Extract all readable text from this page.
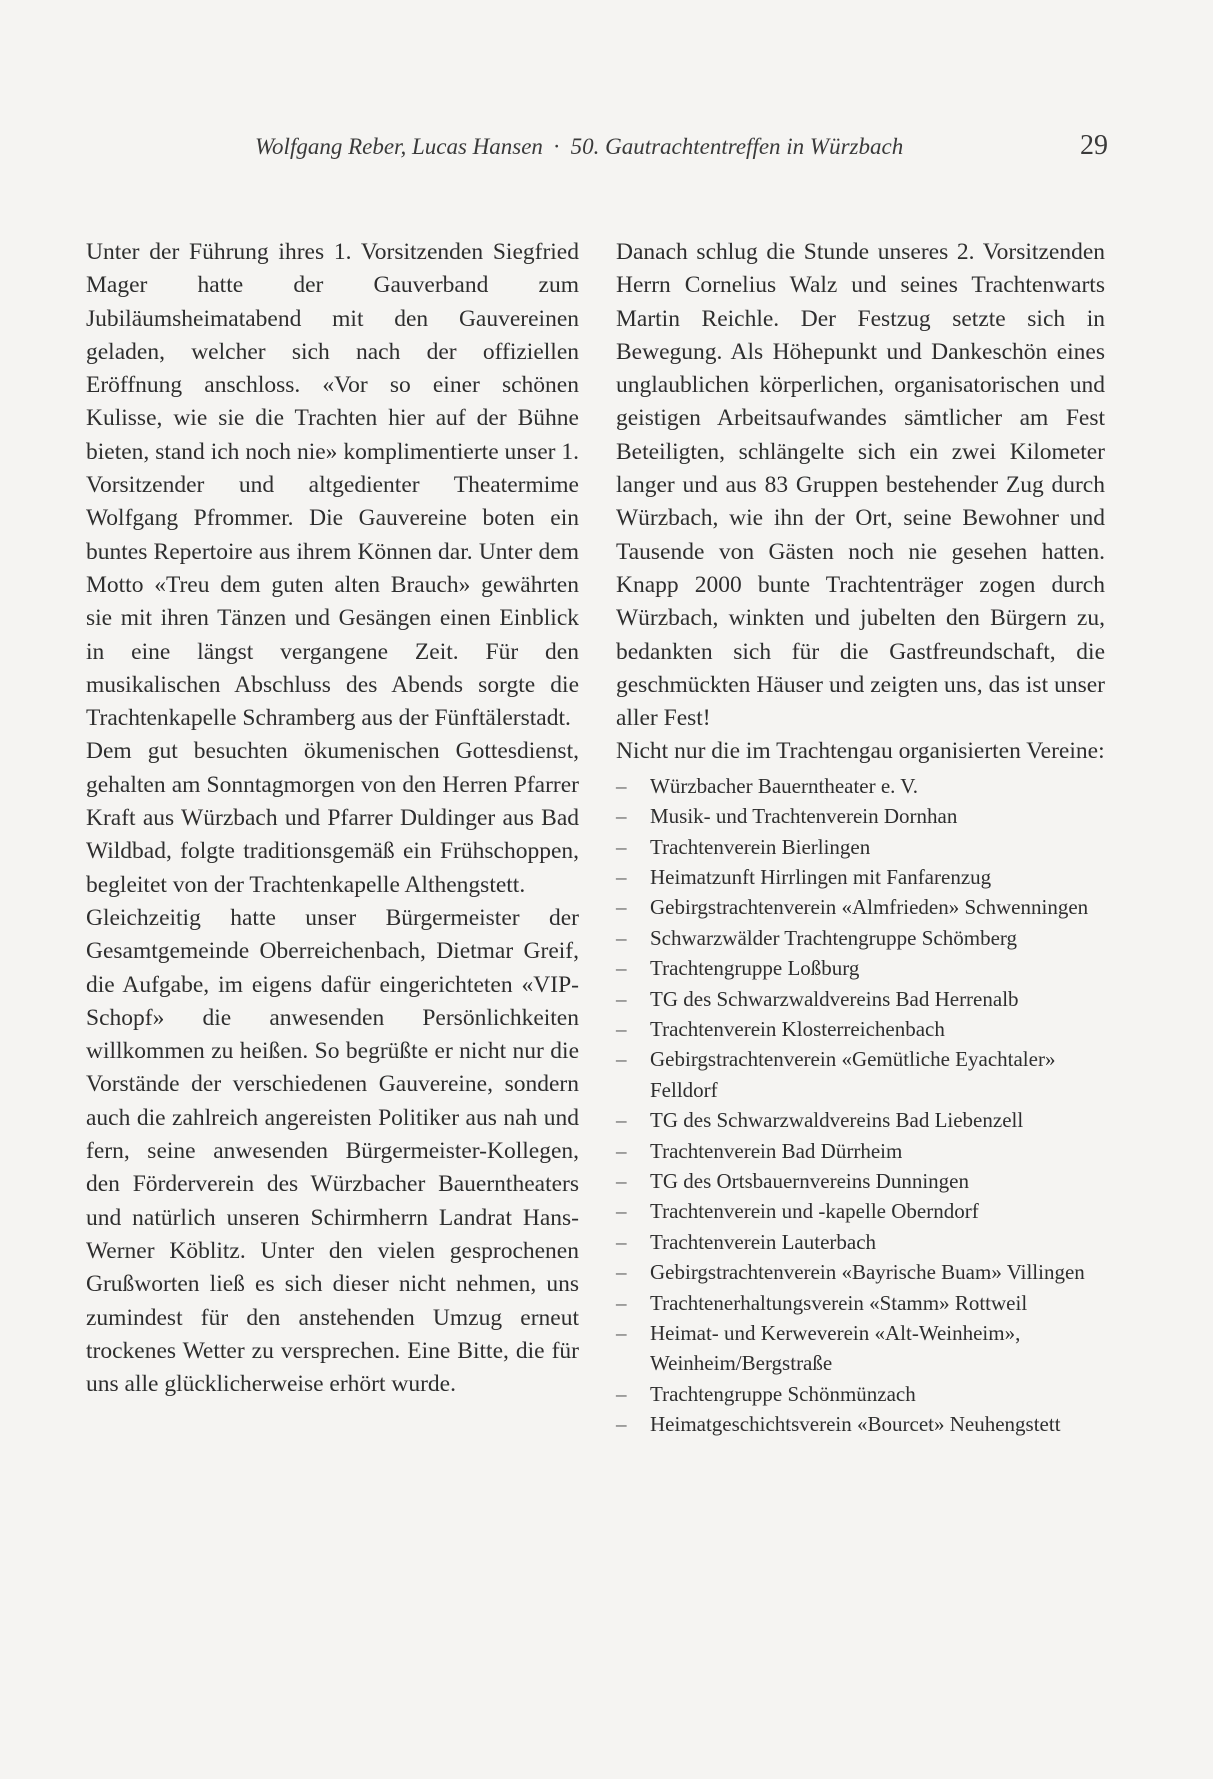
Wolfgang Reber, Lucas Hansen · 50. Gautrachtentreffen in Würzbach	29

Unter der Führung ihres 1. Vorsitzenden Siegfried Mager hatte der Gauverband zum Jubiläumsheimatabend mit den Gauvereinen geladen, welcher sich nach der offiziellen Eröffnung anschloss. «Vor so einer schönen Kulisse, wie sie die Trachten hier auf der Bühne bieten, stand ich noch nie» komplimentierte unser 1. Vorsitzender und altgedienter Theatermime Wolfgang Pfrommer. Die Gauvereine boten ein buntes Repertoire aus ihrem Können dar. Unter dem Motto «Treu dem guten alten Brauch» gewährten sie mit ihren Tänzen und Gesängen einen Einblick in eine längst vergangene Zeit. Für den musikalischen Abschluss des Abends sorgte die Trachtenkapelle Schramberg aus der Fünftälerstadt.

Dem gut besuchten ökumenischen Gottesdienst, gehalten am Sonntagmorgen von den Herren Pfarrer Kraft aus Würzbach und Pfarrer Duldinger aus Bad Wildbad, folgte traditionsgemäß ein Frühschoppen, begleitet von der Trachtenkapelle Althengstett.

Gleichzeitig hatte unser Bürgermeister der Gesamtgemeinde Oberreichenbach, Dietmar Greif, die Aufgabe, im eigens dafür eingerichteten «VIP-Schopf» die anwesenden Persönlichkeiten willkommen zu heißen. So begrüßte er nicht nur die Vorstände der verschiedenen Gauvereine, sondern auch die zahlreich angereisten Politiker aus nah und fern, seine anwesenden Bürgermeister-Kollegen, den Förderverein des Würzbacher Bauerntheaters und natürlich unseren Schirmherrn Landrat Hans-Werner Köblitz. Unter den vielen gesprochenen Grußworten ließ es sich dieser nicht nehmen, uns zumindest für den anstehenden Umzug erneut trockenes Wetter zu versprechen. Eine Bitte, die für uns alle glücklicherweise erhört wurde.

Danach schlug die Stunde unseres 2. Vorsitzenden Herrn Cornelius Walz und seines Trachtenwarts Martin Reichle. Der Festzug setzte sich in Bewegung. Als Höhepunkt und Dankeschön eines unglaublichen körperlichen, organisatorischen und geistigen Arbeitsaufwandes sämtlicher am Fest Beteiligten, schlängelte sich ein zwei Kilometer langer und aus 83 Gruppen bestehender Zug durch Würzbach, wie ihn der Ort, seine Bewohner und Tausende von Gästen noch nie gesehen hatten. Knapp 2000 bunte Trachtenträger zogen durch Würzbach, winkten und jubelten den Bürgern zu, bedankten sich für die Gastfreundschaft, die geschmückten Häuser und zeigten uns, das ist unser aller Fest!

Nicht nur die im Trachtengau organisierten Vereine:

– Würzbacher Bauerntheater e. V.
– Musik- und Trachtenverein Dornhan
– Trachtenverein Bierlingen
– Heimatzunft Hirrlingen mit Fanfarenzug
– Gebirgstrachtenverein «Almfrieden» Schwenningen
– Schwarzwälder Trachtengruppe Schömberg
– Trachtengruppe Loßburg
– TG des Schwarzwaldvereins Bad Herrenalb
– Trachtenverein Klosterreichenbach
– Gebirgstrachtenverein «Gemütliche Eyachtaler» Felldorf
– TG des Schwarzwaldvereins Bad Liebenzell
– Trachtenverein Bad Dürrheim
– TG des Ortsbauernvereins Dunningen
– Trachtenverein und -kapelle Oberndorf
– Trachtenverein Lauterbach
– Gebirgstrachtenverein «Bayrische Buam» Villingen
– Trachtenerhaltungsverein «Stamm» Rottweil
– Heimat- und Kerweverein «Alt-Weinheim», Weinheim/Bergstraße
– Trachtengruppe Schönmünzach
– Heimatgeschichtsverein «Bourcet» Neuhengstett
